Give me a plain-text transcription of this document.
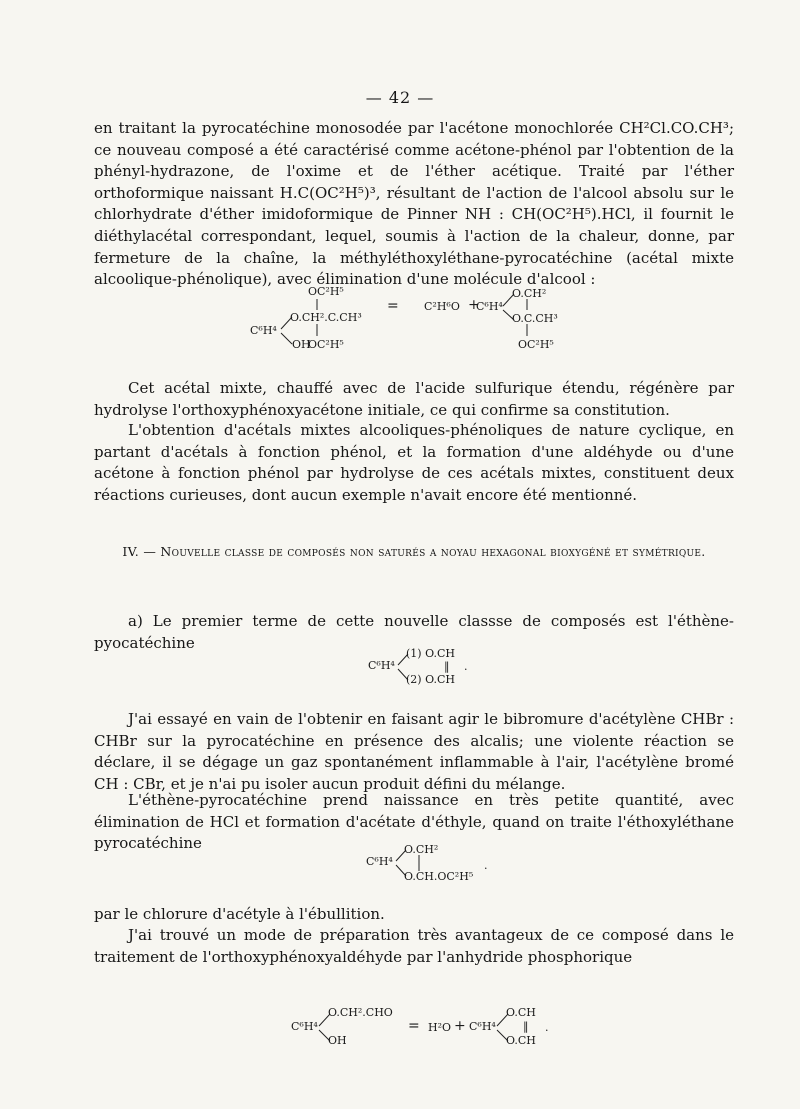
— 42 —

en traitant la pyrocatéchine monosodée par l'acétone monochlorée CH²Cl.CO.CH³; ce nouveau composé a été caractérisé comme acétone-phénol par l'obtention de la phényl-hydrazone, de l'oxime et de l'éther acétique. Traité par l'éther orthoformique naissant H.C(OC²H⁵)³, résultant de l'action de l'alcool absolu sur le chlorhydrate d'éther imidoformique de Pinner NH : CH(OC²H⁵).HCl, il fournit le diéthylacétal correspondant, lequel, soumis à l'action de la chaleur, donne, par fermeture de la chaîne, la méthyléthoxyléthane-pyrocatéchine (acétal mixte alcoolique-phénolique), avec élimination d'une molécule d'alcool :

OC²H⁵
C⁶H⁴
O.CH².C.CH³
OH
OC²H⁵
= C²H⁶O +
C⁶H⁴
O.CH²
O.C.CH³
OC²H⁵

Cet acétal mixte, chauffé avec de l'acide sulfurique étendu, régénère par hydrolyse l'orthoxyphénoxyacétone initiale, ce qui confirme sa constitution.

L'obtention d'acétals mixtes alcooliques-phénoliques de nature cyclique, en partant d'acétals à fonction phénol, et la formation d'une aldéhyde ou d'une acétone à fonction phénol par hydrolyse de ces acétals mixtes, constituent deux réactions curieuses, dont aucun exemple n'avait encore été mentionné.

IV. — Nouvelle classe de composés non saturés a noyau hexagonal bioxygéné et symétrique.

a) Le premier terme de cette nouvelle classse de composés est l'éthène-pyocatéchine

C⁶H⁴
(1) O.CH
‖
(2) O.CH
.

J'ai essayé en vain de l'obtenir en faisant agir le bibromure d'acétylène CHBr : CHBr sur la pyrocatéchine en présence des alcalis; une violente réaction se déclare, il se dégage un gaz spontanément inflammable à l'air, l'acétylène bromé CH : CBr, et je n'ai pu isoler aucun produit défini du mélange.

L'éthène-pyrocatéchine prend naissance en très petite quantité, avec élimination de HCl et formation d'acétate d'éthyle, quand on traite l'éthoxyléthane pyrocatéchine

C⁶H⁴
O.CH²
O.CH.OC²H⁵
.

par le chlorure d'acétyle à l'ébullition.

J'ai trouvé un mode de préparation très avantageux de ce composé dans le traitement de l'orthoxyphénoxyaldéhyde par l'anhydride phosphorique

C⁶H⁴
O.CH².CHO
OH
= H²O + C⁶H⁴
O.CH
‖
O.CH
.
